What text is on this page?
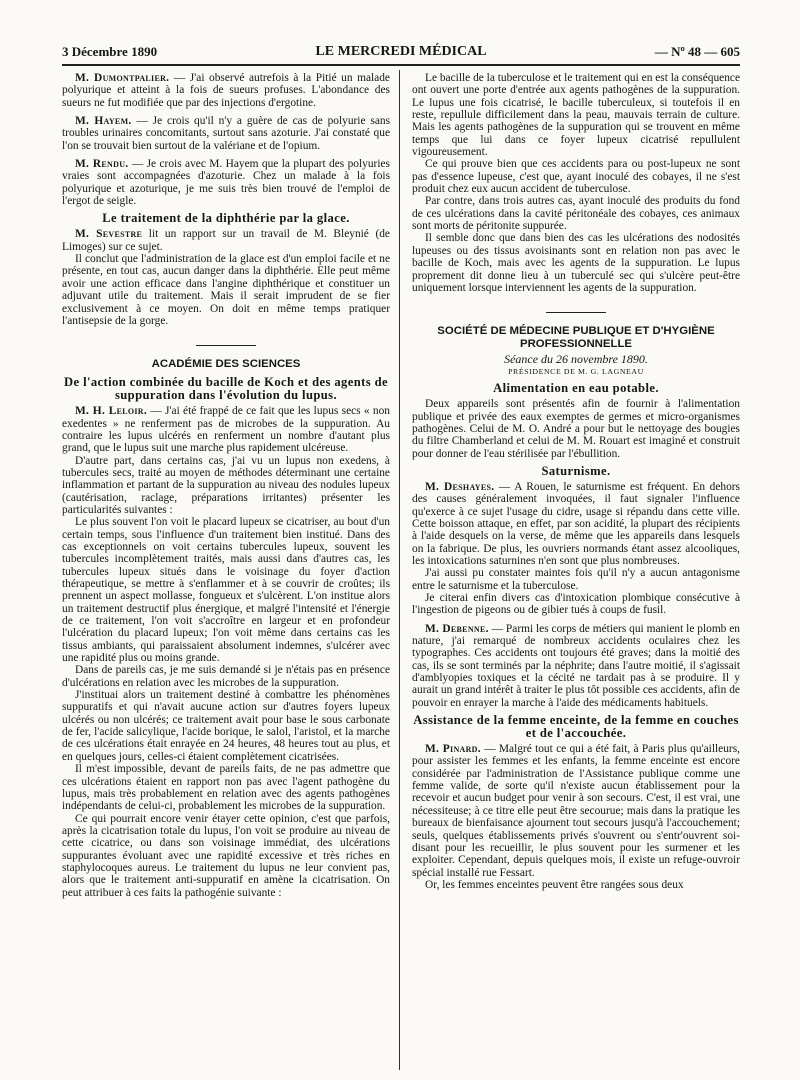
3 Décembre 1890	LE MERCREDI MÉDICAL	— Nº 48 — 605

M. Dumontpalier. — J'ai observé autrefois à la Pitié un malade polyurique et atteint à la fois de sueurs profuses. L'abondance des sueurs ne fut modifiée que par des injections d'ergotine.

M. Hayem. — Je crois qu'il n'y a guère de cas de polyurie sans troubles urinaires concomitants, surtout sans azoturie. J'ai constaté que l'on se trouvait bien surtout de la valériane et de l'opium.

M. Rendu. — Je crois avec M. Hayem que la plupart des polyuries vraies sont accompagnées d'azoturie. Chez un malade à la fois polyurique et azoturique, je me suis très bien trouvé de l'emploi de l'ergot de seigle.

Le traitement de la diphthérie par la glace.

M. Sevestre lit un rapport sur un travail de M. Bleynié (de Limoges) sur ce sujet.

Il conclut que l'administration de la glace est d'un emploi facile et ne présente, en tout cas, aucun danger dans la diphthérie. Elle peut même avoir une action efficace dans l'angine diphthérique et constituer un adjuvant utile du traitement. Mais il serait imprudent de se fier exclusivement à ce moyen. On doit en même temps pratiquer l'antisepsie de la gorge.

ACADÉMIE DES SCIENCES
De l'action combinée du bacille de Koch et des agents de suppuration dans l'évolution du lupus.

M. H. Leloir. — J'ai été frappé de ce fait que les lupus secs « non exedentes » ne renferment pas de microbes de la suppuration. Au contraire les lupus ulcérés en renferment un nombre d'autant plus grand, que le lupus suit une marche plus rapidement ulcéreuse.

D'autre part, dans certains cas, j'ai vu un lupus non exedens, à tubercules secs, traité au moyen de méthodes déterminant une certaine inflammation et partant de la suppuration au niveau des nodules lupeux (cautérisation, raclage, préparations irritantes) présenter les particularités suivantes :

Le plus souvent l'on voit le placard lupeux se cicatriser, au bout d'un certain temps, sous l'influence d'un traitement bien institué. Dans des cas exceptionnels on voit certains tubercules lupeux, souvent les tubercules incomplètement traités, mais aussi dans d'autres cas, les tubercules lupeux situés dans le voisinage du foyer d'action thérapeutique, se mettre à s'enflammer et à se couvrir de croûtes; ils prennent un aspect mollasse, fongueux et s'ulcèrent. L'on institue alors un traitement destructif plus énergique, et malgré l'intensité et l'énergie de ce traitement, l'on voit s'accroître en largeur et en profondeur l'ulcération du placard lupeux; l'on voit même dans certains cas les tissus ambiants, qui paraissaient absolument indemnes, s'ulcérer avec une rapidité plus ou moins grande.

Dans de pareils cas, je me suis demandé si je n'étais pas en présence d'ulcérations en relation avec les microbes de la suppuration.

J'instituai alors un traitement destiné à combattre les phénomènes suppuratifs et qui n'avait aucune action sur d'autres foyers lupeux ulcérés ou non ulcérés; ce traitement avait pour base le sous carbonate de fer, l'acide salicylique, l'acide borique, le salol, l'aristol, et la marche de ces ulcérations était enrayée en 24 heures, 48 heures tout au plus, et en quelques jours, celles-ci étaient complètement cicatrisées.

Il m'est impossible, devant de pareils faits, de ne pas admettre que ces ulcérations étaient en rapport non pas avec l'agent pathogène du lupus, mais très probablement en relation avec des agents pathogènes indépendants de celui-ci, probablement les microbes de la suppuration.

Ce qui pourrait encore venir étayer cette opinion, c'est que parfois, après la cicatrisation totale du lupus, l'on voit se produire au niveau de cette cicatrice, ou dans son voisinage immédiat, des ulcérations suppurantes évoluant avec une rapidité excessive et très riches en staphylocoques aureus. Le traitement du lupus ne leur convient pas, alors que le traitement anti-suppuratif en amène la cicatrisation. On peut attribuer à ces faits la pathogénie suivante :

Le bacille de la tuberculose et le traitement qui en est la conséquence ont ouvert une porte d'entrée aux agents pathogènes de la suppuration. Le lupus une fois cicatrisé, le bacille tuberculeux, si toutefois il en reste, repullule difficilement dans la peau, mauvais terrain de culture. Mais les agents pathogènes de la suppuration qui se trouvent en même temps que lui dans ce foyer lupeux cicatrisé repullulent vigoureusement.

Ce qui prouve bien que ces accidents para ou post-lupeux ne sont pas d'essence lupeuse, c'est que, ayant inoculé des cobayes, il ne s'est produit chez eux aucun accident de tuberculose.

Par contre, dans trois autres cas, ayant inoculé des produits du fond de ces ulcérations dans la cavité péritonéale des cobayes, ces animaux sont morts de péritonite suppurée.

Il semble donc que dans bien des cas les ulcérations des nodosités lupeuses ou des tissus avoisinants sont en relation non pas avec le bacille de Koch, mais avec les agents de la suppuration. Le lupus proprement dit donne lieu à un tuberculé sec qui s'ulcère peut-être uniquement lorsque interviennent les agents de la suppuration.

SOCIÉTÉ DE MÉDECINE PUBLIQUE ET D'HYGIÈNE PROFESSIONNELLE
Séance du 26 novembre 1890.
PRÉSIDENCE DE M. G. LAGNEAU
Alimentation en eau potable.

Deux appareils sont présentés afin de fournir à l'alimentation publique et privée des eaux exemptes de germes et micro-organismes pathogènes. Celui de M. O. André a pour but le nettoyage des bougies du filtre Chamberland et celui de M. M. Rouart est imaginé et construit pour donner de l'eau stérilisée par l'ébullition.

Saturnisme.

M. Deshayes. — A Rouen, le saturnisme est fréquent. En dehors des causes généralement invoquées, il faut signaler l'influence qu'exerce à ce sujet l'usage du cidre, usage si répandu dans cette ville. Cette boisson attaque, en effet, par son acidité, la plupart des récipients à l'aide desquels on la verse, de même que les appareils dans lesquels on la fabrique. De plus, les ouvriers normands étant assez alcooliques, les intoxications saturnines n'en sont que plus nombreuses.

J'ai aussi pu constater maintes fois qu'il n'y a aucun antagonisme entre le saturnisme et la tuberculose.

Je citerai enfin divers cas d'intoxication plombique consécutive à l'ingestion de pigeons ou de gibier tués à coups de fusil.

M. Debenne. — Parmi les corps de métiers qui manient le plomb en nature, j'ai remarqué de nombreux accidents oculaires chez les typographes. Ces accidents ont toujours été graves; dans la moitié des cas, ils se sont terminés par la néphrite; dans l'autre moitié, il s'agissait d'amblyopies toxiques et la cécité ne tardait pas à se produire. Il y aurait un grand intérêt à traiter le plus tôt possible ces accidents, afin de pouvoir en enrayer la marche à l'aide des médicaments habituels.

Assistance de la femme enceinte, de la femme en couches et de l'accouchée.

M. Pinard. — Malgré tout ce qui a été fait, à Paris plus qu'ailleurs, pour assister les femmes et les enfants, la femme enceinte est encore considérée par l'administration de l'Assistance publique comme une femme valide, de sorte qu'il n'existe aucun établissement pour la recevoir et aucun budget pour venir à son secours. C'est, il est vrai, une nécessiteuse; à ce titre elle peut être secourue; mais dans la pratique les bureaux de bienfaisance ajournent tout secours jusqu'à l'accouchement; seuls, quelques établissements privés s'ouvrent ou s'entr'ouvrent soi-disant pour les recueillir, le plus souvent pour les surmener et les exploiter. Cependant, depuis quelques mois, il existe un refuge-ouvroir spécial installé rue Fessart.

Or, les femmes enceintes peuvent être rangées sous deux
